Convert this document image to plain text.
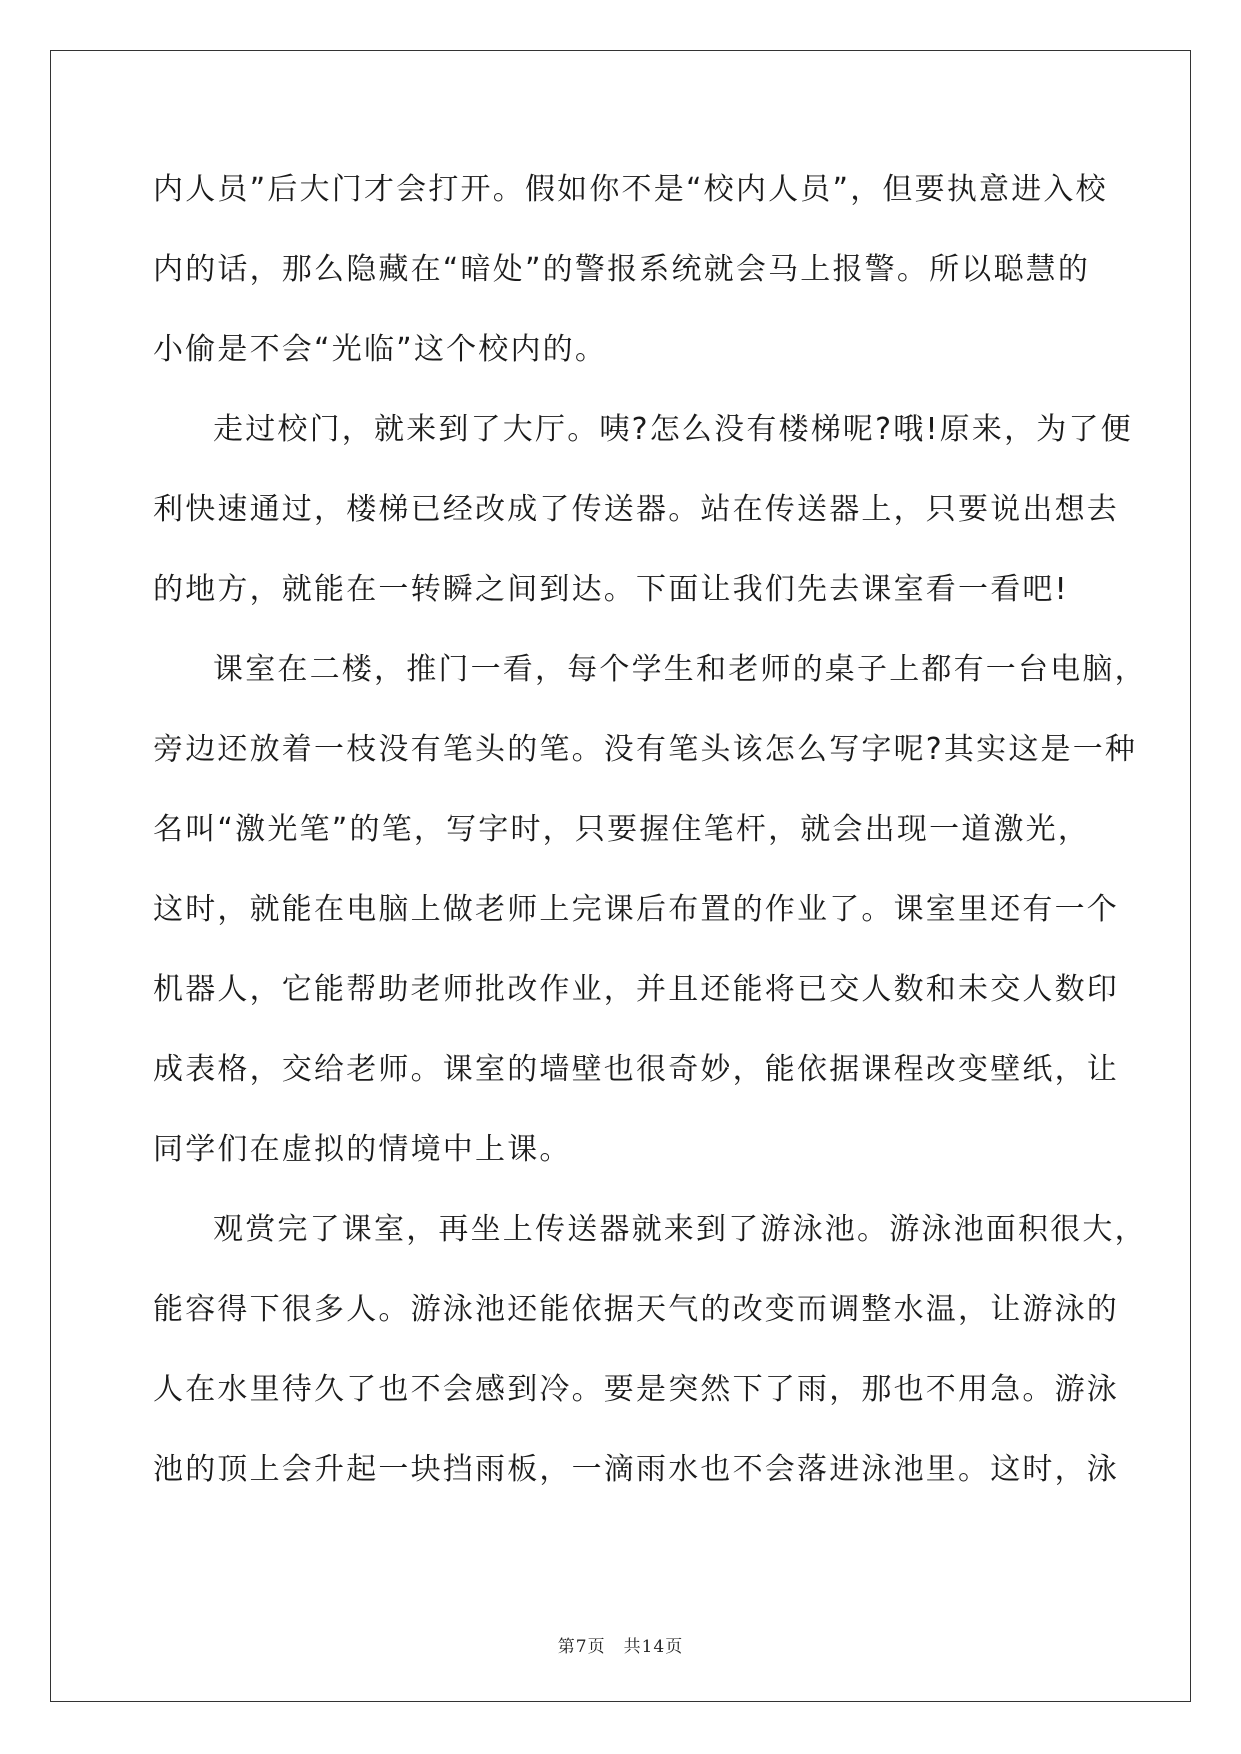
内人员”后大门才会打开。假如你不是“校内人员”，但要执意进入校
内的话，那么隐藏在“暗处”的警报系统就会马上报警。所以聪慧的
小偷是不会“光临”这个校内的。
走过校门，就来到了大厅。咦?怎么没有楼梯呢?哦!原来，为了便
利快速通过，楼梯已经改成了传送器。站在传送器上，只要说出想去
的地方，就能在一转瞬之间到达。下面让我们先去课室看一看吧!
课室在二楼，推门一看，每个学生和老师的桌子上都有一台电脑，
旁边还放着一枝没有笔头的笔。没有笔头该怎么写字呢?其实这是一种
名叫“激光笔”的笔，写字时，只要握住笔杆，就会出现一道激光，
这时，就能在电脑上做老师上完课后布置的作业了。课室里还有一个
机器人，它能帮助老师批改作业，并且还能将已交人数和未交人数印
成表格，交给老师。课室的墙壁也很奇妙，能依据课程改变壁纸，让
同学们在虚拟的情境中上课。
观赏完了课室，再坐上传送器就来到了游泳池。游泳池面积很大，
能容得下很多人。游泳池还能依据天气的改变而调整水温，让游泳的
人在水里待久了也不会感到冷。要是突然下了雨，那也不用急。游泳
池的顶上会升起一块挡雨板，一滴雨水也不会落进泳池里。这时，泳
第7页　共14页
